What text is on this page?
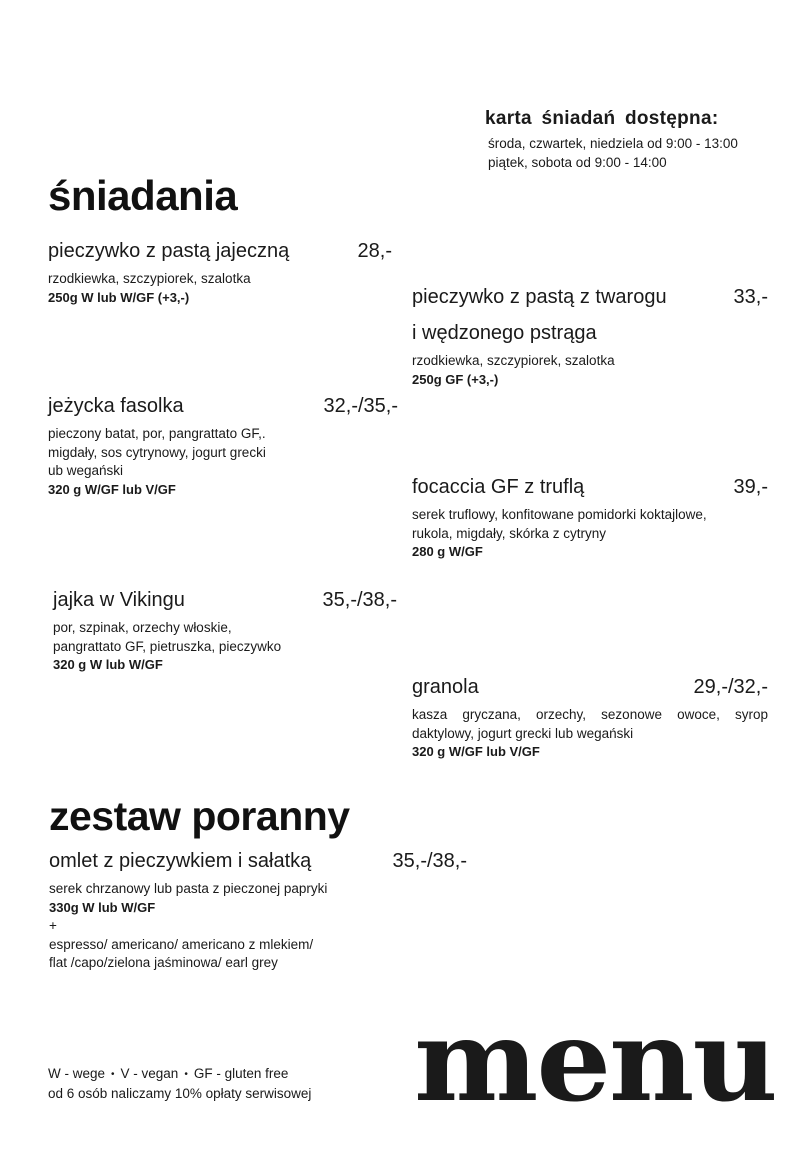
karta śniadań dostępna:
środa, czwartek, niedziela od 9:00 - 13:00
piątek, sobota od 9:00 - 14:00
śniadania
pieczywko z pastą jajeczną	28,-
rzodkiewka, szczypiorek, szalotka
250g W lub W/GF (+3,-)	pieczywko z pastą z twarogu	33,-
i wędzonego pstrąga
rzodkiewka, szczypiorek, szalotka
250g GF (+3,-)
jeżycka fasolka	32,-/35,-
pieczony batat, por, pangrattato GF,.
migdały, sos cytrynowy, jogurt grecki
ub wegański
320 g W/GF lub V/GF	focaccia GF z truflą	39,-
serek truflowy, konfitowane pomidorki koktajlowe,
rukola, migdały, skórka z cytryny
280 g W/GF
jajka w Vikingu	35,-/38,-
por, szpinak, orzechy włoskie,
pangrattato GF, pietruszka, pieczywko
320 g W lub W/GF
granola	29,-/32,-
kasza gryczana, orzechy, sezonowe owoce, syrop daktylowy, jogurt grecki lub wegański
320 g W/GF lub V/GF
zestaw poranny
omlet z pieczywkiem i sałatką	35,-/38,-
serek chrzanowy lub pasta z pieczonej papryki
330g W lub W/GF
+
espresso/ americano/ americano z mlekiem/
flat /capo/zielona jaśminowa/ earl grey
W - wege • V - vegan • GF - gluten free
od 6 osób naliczamy 10% opłaty serwisowej menu
